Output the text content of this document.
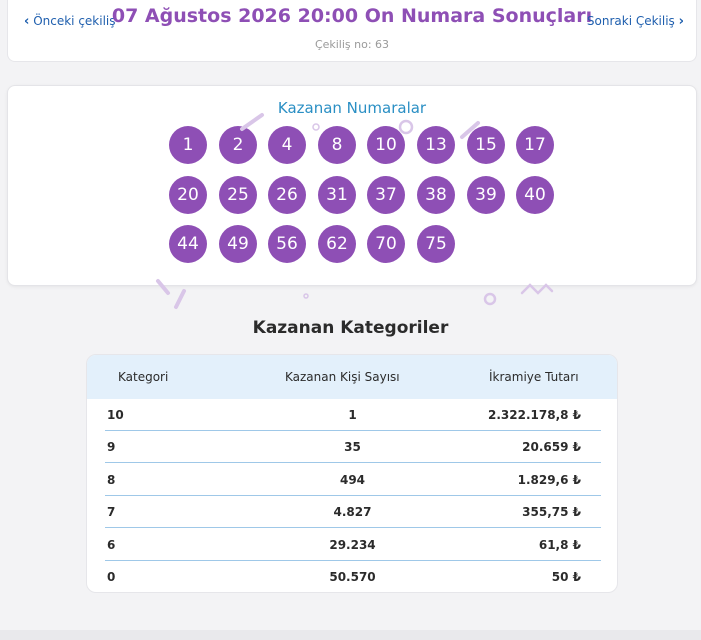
‹ Önceki çekiliş
07 Ağustos 2026 20:00 On Numara Sonuçları
Çekiliş no: 63
Sonraki Çekiliş ›
Kazanan Numaralar
1	2	4	8	10	13	15	17
20	25	26	31	37	38	39	40
44	49	56	62	70	75
Kazanan Kategoriler
Kategori	Kazanan Kişi Sayısı	İkramiye Tutarı
10	1	2.322.178,8 ₺
9	35	20.659 ₺
8	494	1.829,6 ₺
7	4.827	355,75 ₺
6	29.234	61,8 ₺
0	50.570	50 ₺
